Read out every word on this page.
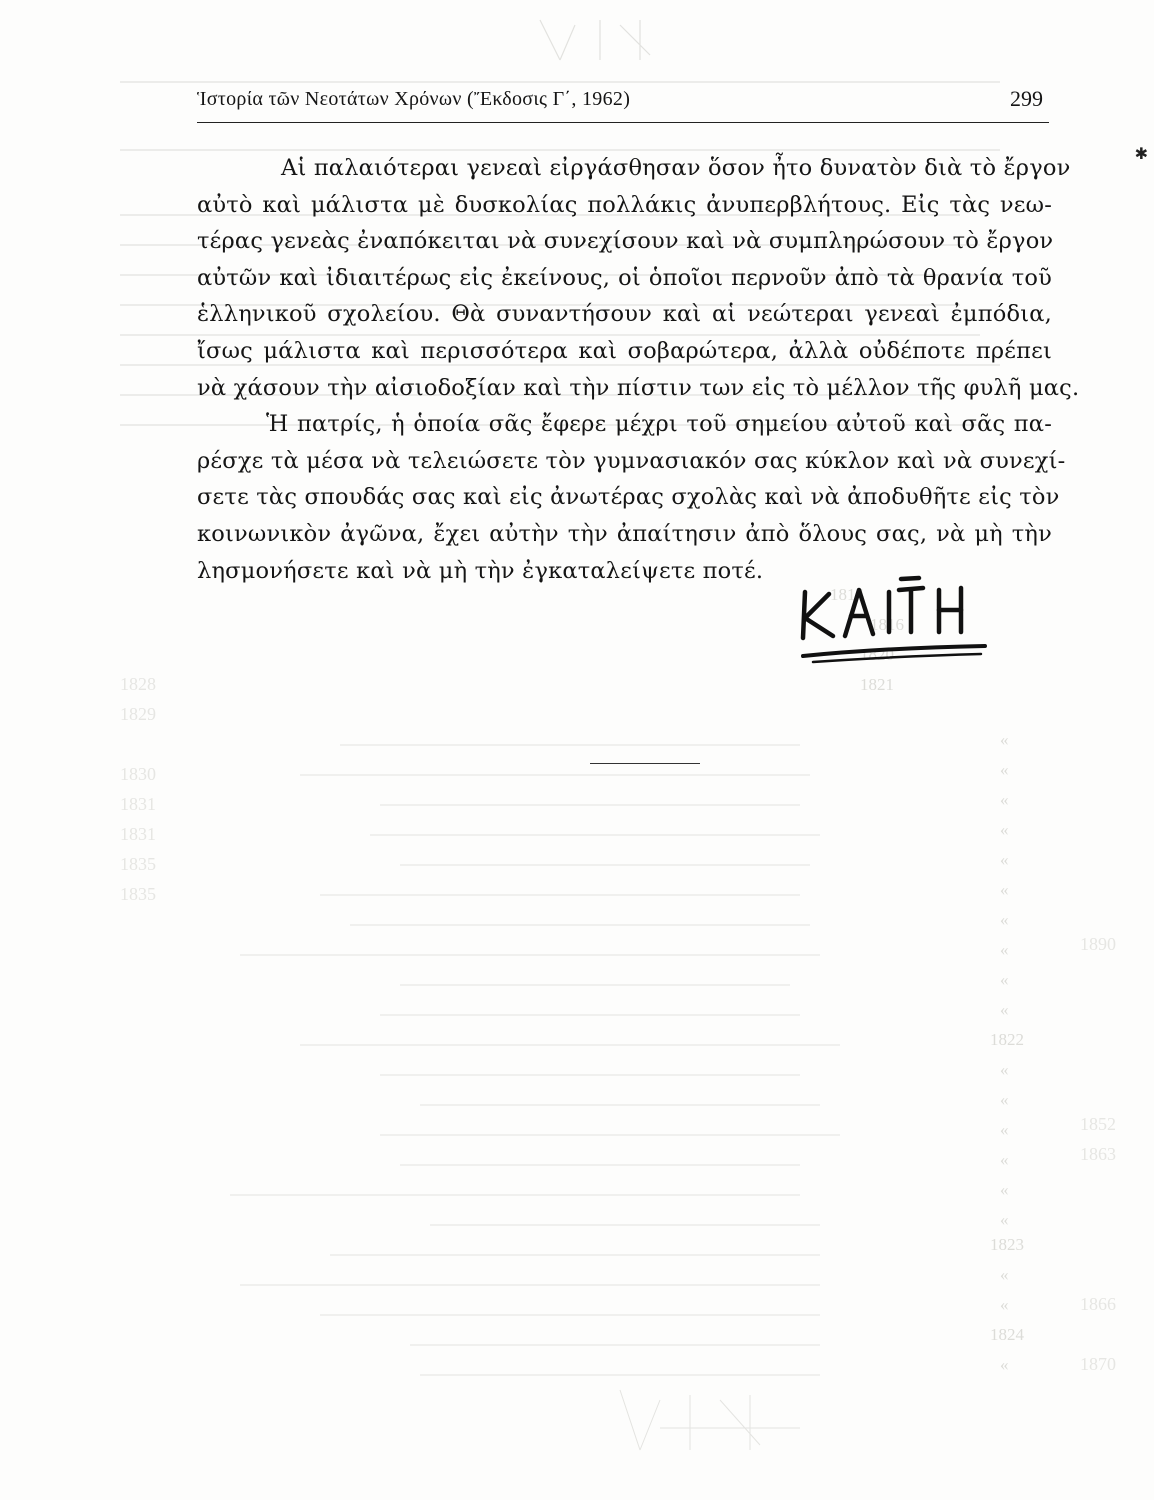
1828
1829
1830
1831
1831
1835
1835
1890
1852
1863
1866
1870
1814
1816
1820
1821
«
«
«
«
«
«
«
«
«
«
1822
«
«
«
«
«
«
1823
«
«
1824
«
Ἱστορία τῶν Νεοτάτων Χρόνων (Ἔκδοσις Γ΄, 1962)	299
✱
Αἱ παλαιότεραι γενεαὶ εἰργάσθησαν ὅσον ἦτο δυνατὸν διὰ τὸ ἔργον
αὐτὸ καὶ μάλιστα μὲ δυσκολίας πολλάκις ἀνυπερβλήτους. Εἰς τὰς νεω-
τέρας γενεὰς ἐναπόκειται νὰ συνεχίσουν καὶ νὰ συμπληρώσουν τὸ ἔργον
αὐτῶν καὶ ἰδιαιτέρως εἰς ἐκείνους, οἱ ὁποῖοι περνοῦν ἀπὸ τὰ θρανία τοῦ
ἑλληνικοῦ σχολείου. Θὰ συναντήσουν καὶ αἱ νεώτεραι γενεαὶ ἐμπόδια,
ἴσως μάλιστα καὶ περισσότερα καὶ σοβαρώτερα, ἀλλὰ οὐδέποτε πρέπει
νὰ χάσουν τὴν αἰσιοδοξίαν καὶ τὴν πίστιν των εἰς τὸ μέλλον τῆς φυλῆ μας.
Ἡ πατρίς, ἡ ὁποία σᾶς ἔφερε μέχρι τοῦ σημείου αὐτοῦ καὶ σᾶς πα-
ρέσχε τὰ μέσα νὰ τελειώσετε τὸν γυμνασιακόν σας κύκλον καὶ νὰ συνεχί-
σετε τὰς σπουδάς σας καὶ εἰς ἀνωτέρας σχολὰς καὶ νὰ ἀποδυθῆτε εἰς τὸν
κοινωνικὸν ἀγῶνα, ἔχει αὐτὴν τὴν ἀπαίτησιν ἀπὸ ὅλους σας, νὰ μὴ τὴν
λησμονήσετε καὶ νὰ μὴ τὴν ἐγκαταλείψετε ποτέ.
